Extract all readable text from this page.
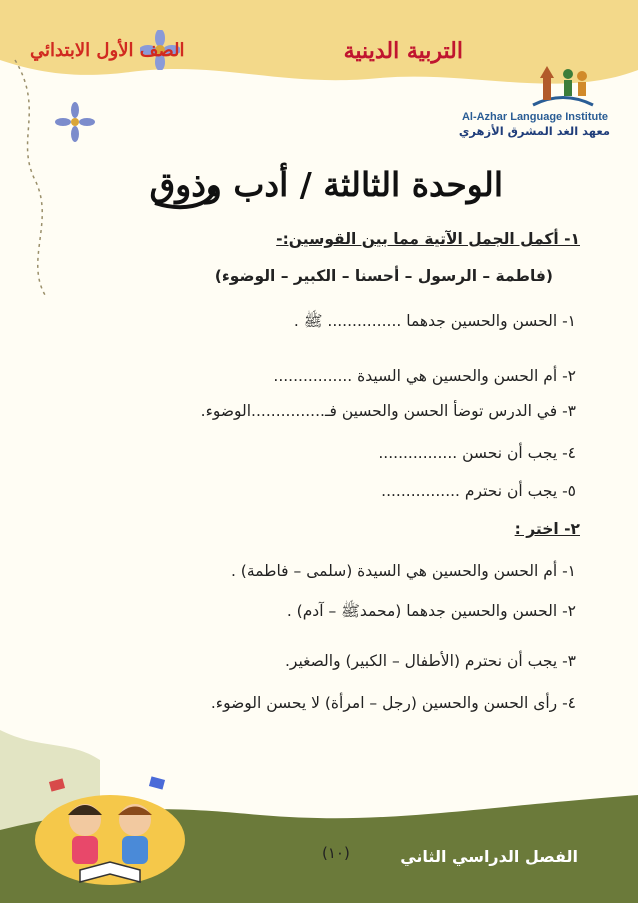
التربية الدينية
الصف الأول الابتدائي
Al-Azhar Language Institute
معهد الغد المشرق الأزهري
الوحدة الثالثة / أدب وذوق
١- أكمل الجمل الآتية مما بين القوسين:-
(فاطمة – الرسول – أحسنا – الكبير – الوضوء)
١- الحسن والحسين جدهما ............... ﷺ .
٢- أم الحسن والحسين هي السيدة ................
٣- في الدرس توضأ الحسن والحسين فـ...............الوضوء.
٤- يجب أن نحسن ................
٥- يجب أن نحترم ................
٢- اختر :
١- أم الحسن والحسين هي السيدة (سلمى – فاطمة) .
٢- الحسن والحسين جدهما (محمدﷺ – آدم) .
٣- يجب أن نحترم (الأطفال – الكبير) والصغير.
٤- رأى الحسن والحسين (رجل – امرأة) لا يحسن الوضوء.
(١٠)	الفصل الدراسي الثاني
